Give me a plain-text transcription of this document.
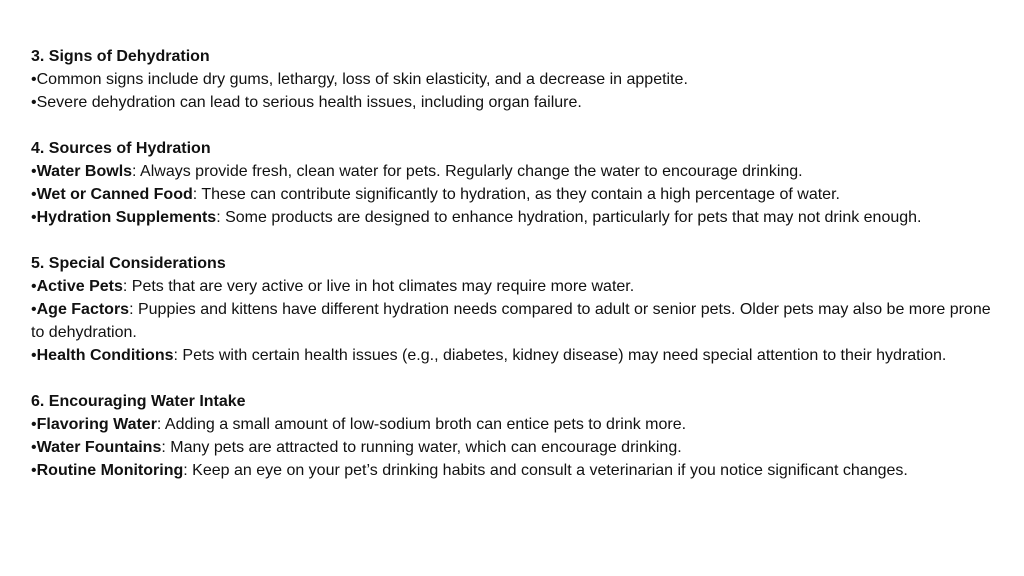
3. Signs of Dehydration
•Common signs include dry gums, lethargy, loss of skin elasticity, and a decrease in appetite.
•Severe dehydration can lead to serious health issues, including organ failure.
4. Sources of Hydration
•Water Bowls: Always provide fresh, clean water for pets. Regularly change the water to encourage drinking.
•Wet or Canned Food: These can contribute significantly to hydration, as they contain a high percentage of water.
•Hydration Supplements: Some products are designed to enhance hydration, particularly for pets that may not drink enough.
5. Special Considerations
•Active Pets: Pets that are very active or live in hot climates may require more water.
•Age Factors: Puppies and kittens have different hydration needs compared to adult or senior pets. Older pets may also be more prone to dehydration.
•Health Conditions: Pets with certain health issues (e.g., diabetes, kidney disease) may need special attention to their hydration.
6. Encouraging Water Intake
•Flavoring Water: Adding a small amount of low-sodium broth can entice pets to drink more.
•Water Fountains: Many pets are attracted to running water, which can encourage drinking.
•Routine Monitoring: Keep an eye on your pet’s drinking habits and consult a veterinarian if you notice significant changes.
